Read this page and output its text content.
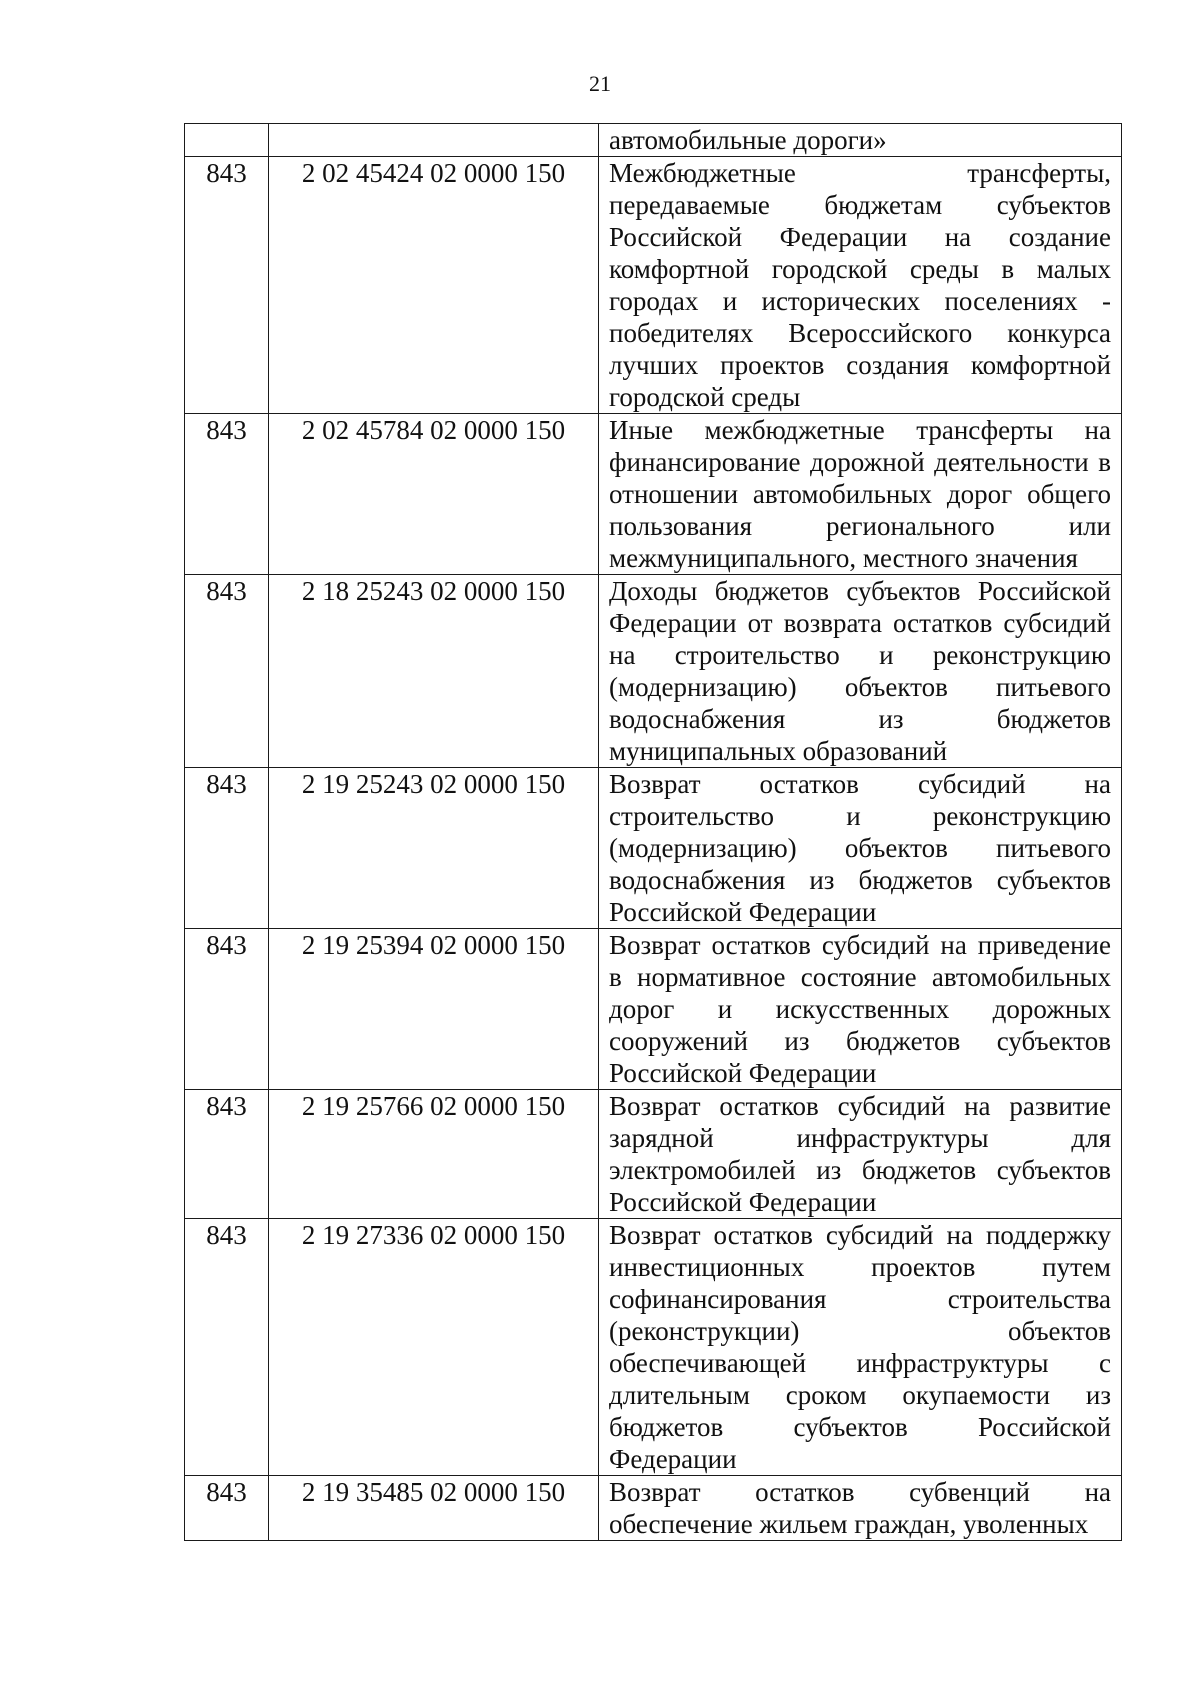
21
		автомобильные дороги»
843	2 02 45424 02 0000 150	Межбюджетные трансферты, передаваемые бюджетам субъектов Российской Федерации на создание комфортной городской среды в малых городах и исторических поселениях - победителях Всероссийского конкурса лучших проектов создания комфортной городской среды
843	2 02 45784 02 0000 150	Иные межбюджетные трансферты на финансирование дорожной деятельности в отношении автомобильных дорог общего пользования регионального или межмуниципального, местного значения
843	2 18 25243 02 0000 150	Доходы бюджетов субъектов Российской Федерации от возврата остатков субсидий на строительство и реконструкцию (модернизацию) объектов питьевого водоснабжения из бюджетов муниципальных образований
843	2 19 25243 02 0000 150	Возврат остатков субсидий на строительство и реконструкцию (модернизацию) объектов питьевого водоснабжения из бюджетов субъектов Российской Федерации
843	2 19 25394 02 0000 150	Возврат остатков субсидий на приведение в нормативное состояние автомобильных дорог и искусственных дорожных сооружений из бюджетов субъектов Российской Федерации
843	2 19 25766 02 0000 150	Возврат остатков субсидий на развитие зарядной инфраструктуры для электромобилей из бюджетов субъектов Российской Федерации
843	2 19 27336 02 0000 150	Возврат остатков субсидий на поддержку инвестиционных проектов путем софинансирования строительства (реконструкции) объектов обеспечивающей инфраструктуры с длительным сроком окупаемости из бюджетов субъектов Российской Федерации
843	2 19 35485 02 0000 150	Возврат остатков субвенций на обеспечение жильем граждан, уволенных
